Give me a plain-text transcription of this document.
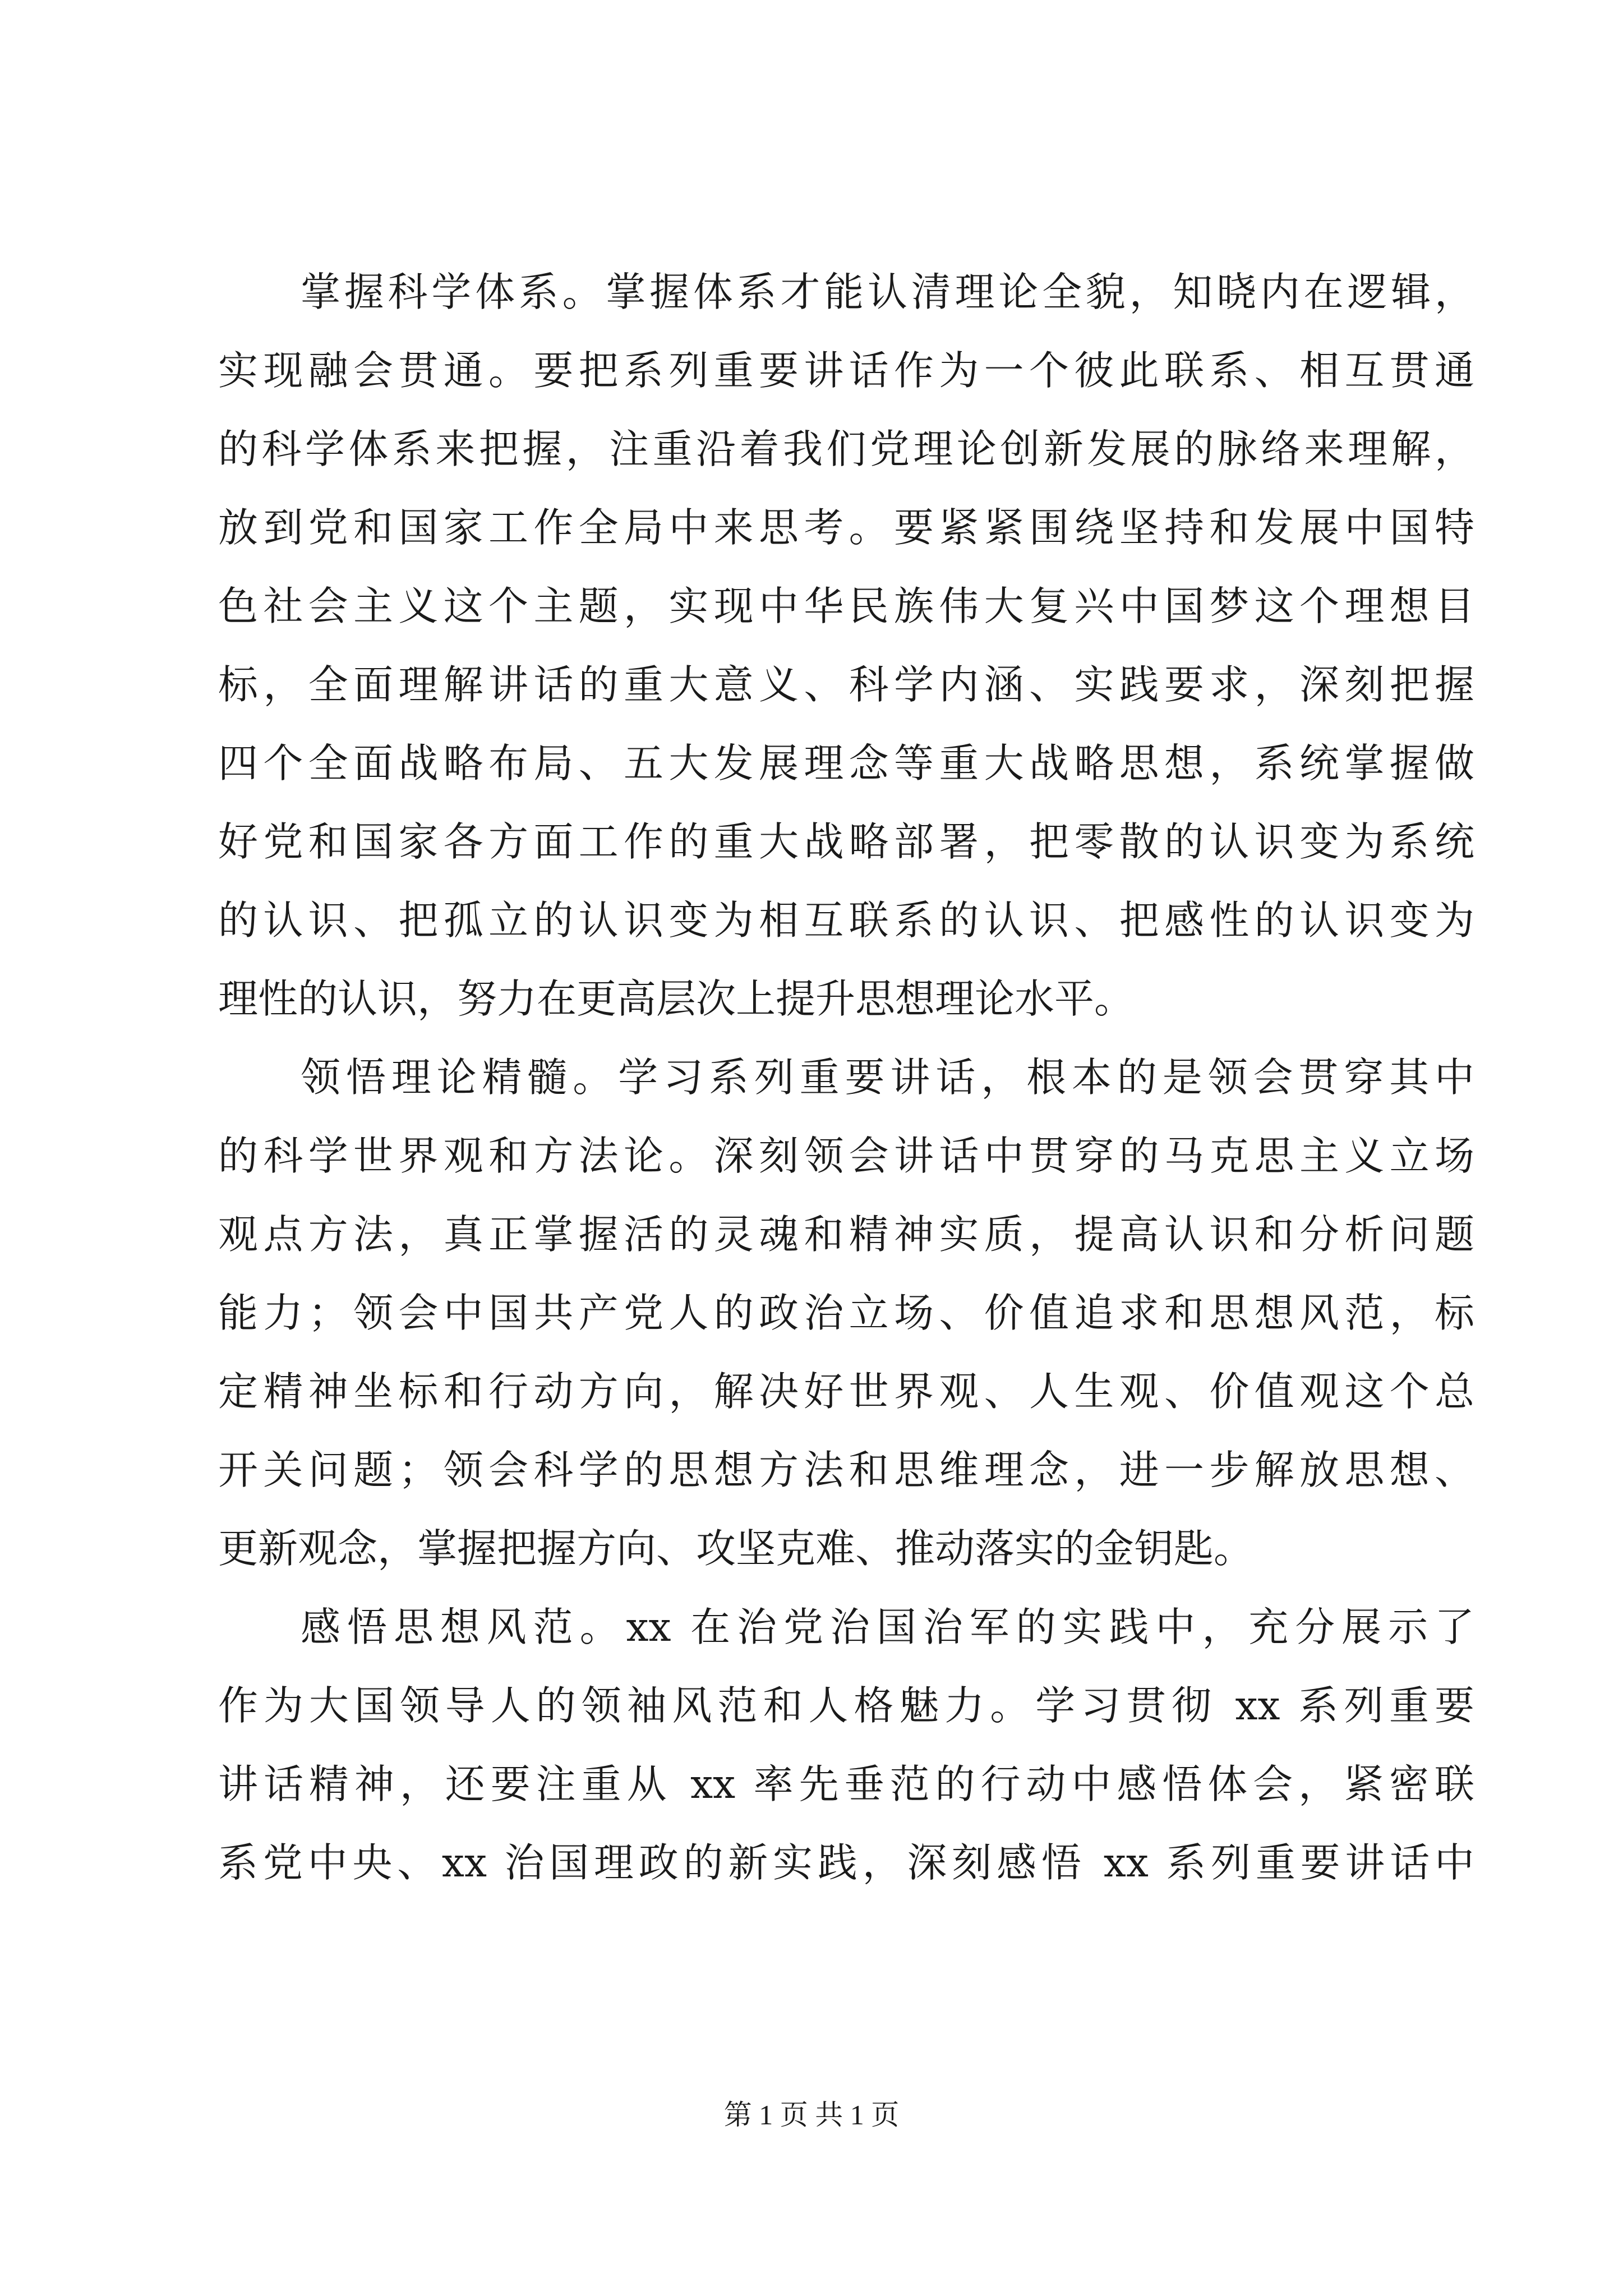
掌握科学体系。掌握体系才能认清理论全貌，知晓内在逻辑，
实现融会贯通。要把系列重要讲话作为一个彼此联系、相互贯通
的科学体系来把握，注重沿着我们党理论创新发展的脉络来理解，
放到党和国家工作全局中来思考。要紧紧围绕坚持和发展中国特
色社会主义这个主题，实现中华民族伟大复兴中国梦这个理想目
标，全面理解讲话的重大意义、科学内涵、实践要求，深刻把握
四个全面战略布局、五大发展理念等重大战略思想，系统掌握做
好党和国家各方面工作的重大战略部署，把零散的认识变为系统
的认识、把孤立的认识变为相互联系的认识、把感性的认识变为
理性的认识，努力在更高层次上提升思想理论水平。
领悟理论精髓。学习系列重要讲话，根本的是领会贯穿其中
的科学世界观和方法论。深刻领会讲话中贯穿的马克思主义立场
观点方法，真正掌握活的灵魂和精神实质，提高认识和分析问题
能力；领会中国共产党人的政治立场、价值追求和思想风范，标
定精神坐标和行动方向，解决好世界观、人生观、价值观这个总
开关问题；领会科学的思想方法和思维理念，进一步解放思想、
更新观念，掌握把握方向、攻坚克难、推动落实的金钥匙。
感悟思想风范。xx 在治党治国治军的实践中，充分展示了
作为大国领导人的领袖风范和人格魅力。学习贯彻 xx 系列重要
讲话精神，还要注重从 xx 率先垂范的行动中感悟体会，紧密联
系党中央、xx 治国理政的新实践，深刻感悟 xx 系列重要讲话中
第 1 页 共 1 页
